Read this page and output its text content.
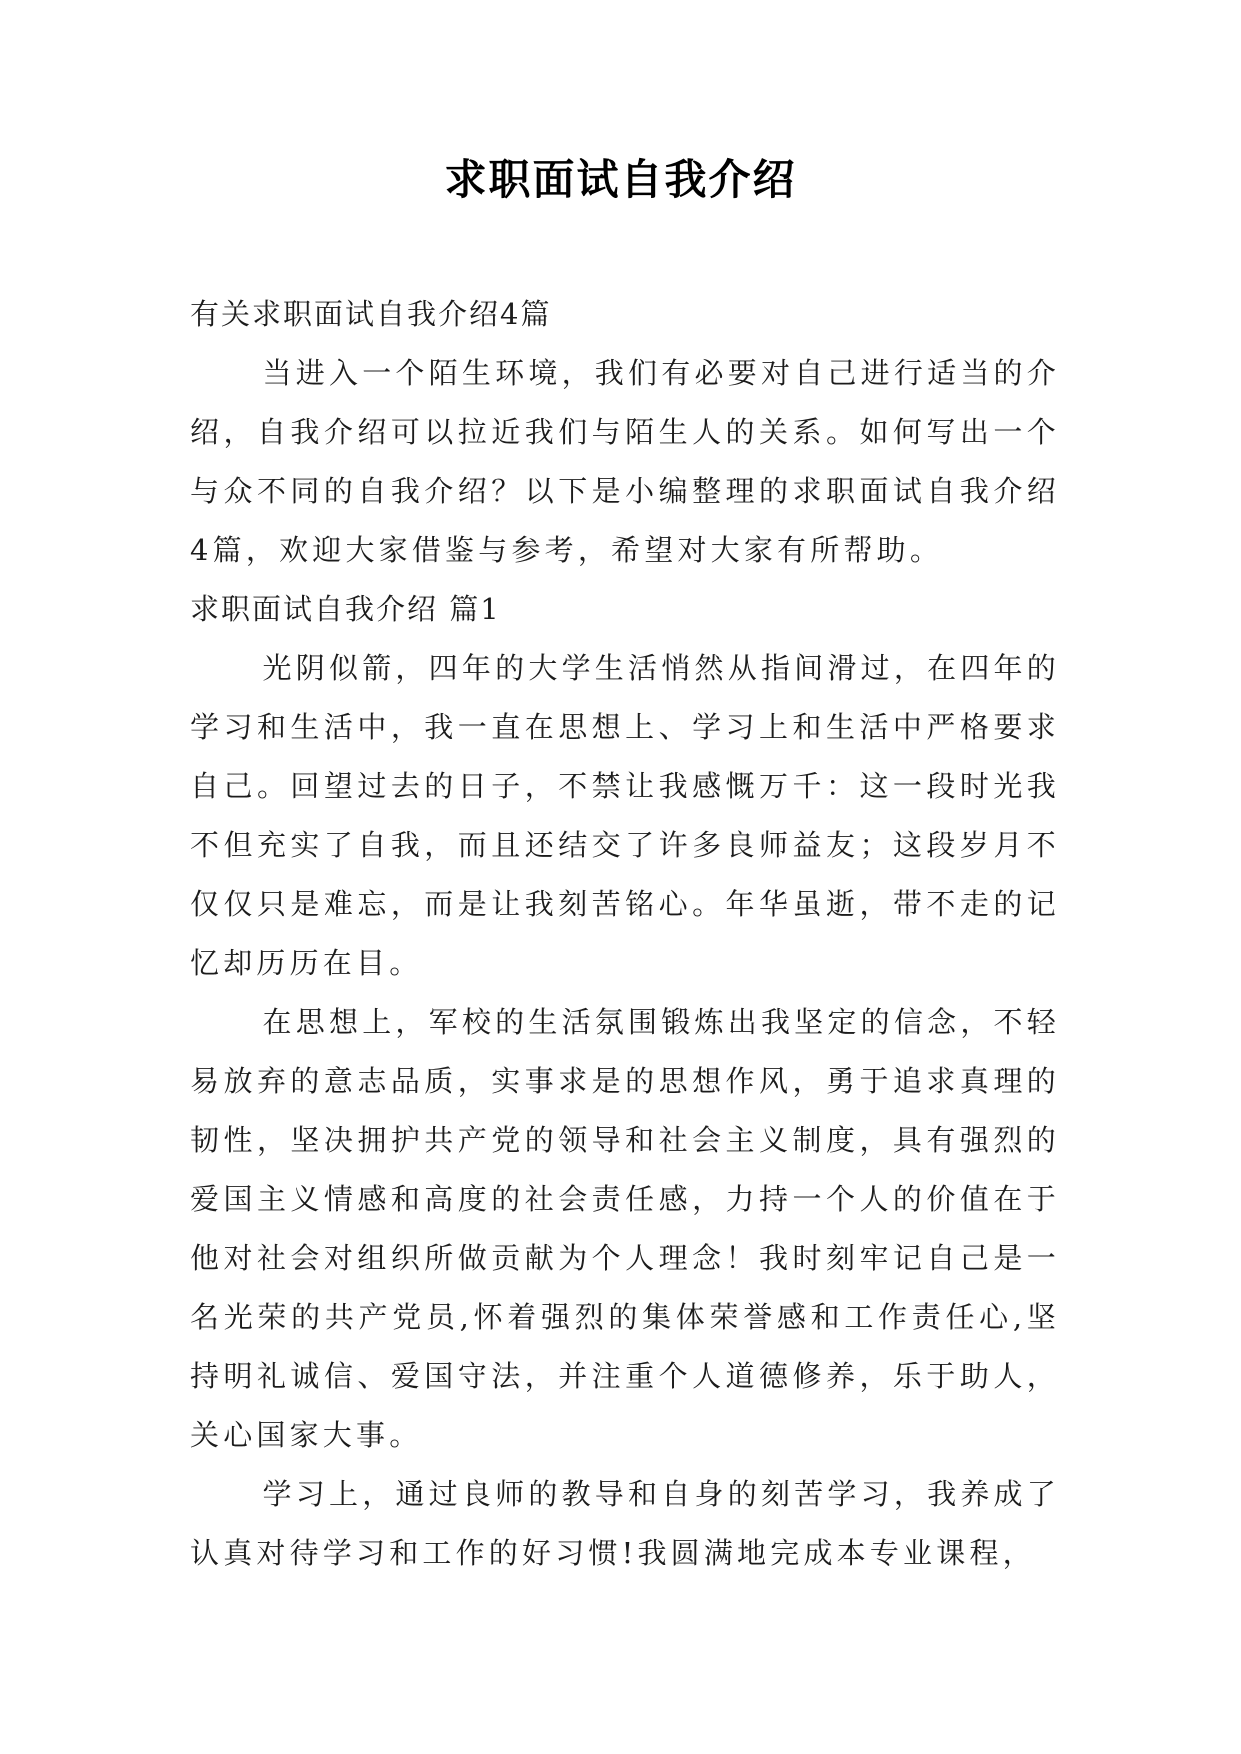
求职面试自我介绍

有关求职面试自我介绍4篇

当进入一个陌生环境，我们有必要对自己进行适当的介绍，自我介绍可以拉近我们与陌生人的关系。如何写出一个与众不同的自我介绍？以下是小编整理的求职面试自我介绍4篇，欢迎大家借鉴与参考，希望对大家有所帮助。

求职面试自我介绍 篇1

光阴似箭，四年的大学生活悄然从指间滑过，在四年的学习和生活中，我一直在思想上、学习上和生活中严格要求自己。回望过去的日子，不禁让我感慨万千：这一段时光我不但充实了自我，而且还结交了许多良师益友；这段岁月不仅仅只是难忘，而是让我刻苦铭心。年华虽逝，带不走的记忆却历历在目。

在思想上，军校的生活氛围锻炼出我坚定的信念，不轻易放弃的意志品质，实事求是的思想作风，勇于追求真理的韧性，坚决拥护共产党的领导和社会主义制度，具有强烈的爱国主义情感和高度的社会责任感，力持一个人的价值在于他对社会对组织所做贡献为个人理念！我时刻牢记自己是一名光荣的共产党员,怀着强烈的集体荣誉感和工作责任心,坚持明礼诚信、爱国守法，并注重个人道德修养，乐于助人，关心国家大事。

学习上，通过良师的教导和自身的刻苦学习，我养成了认真对待学习和工作的好习惯!我圆满地完成本专业课程，
